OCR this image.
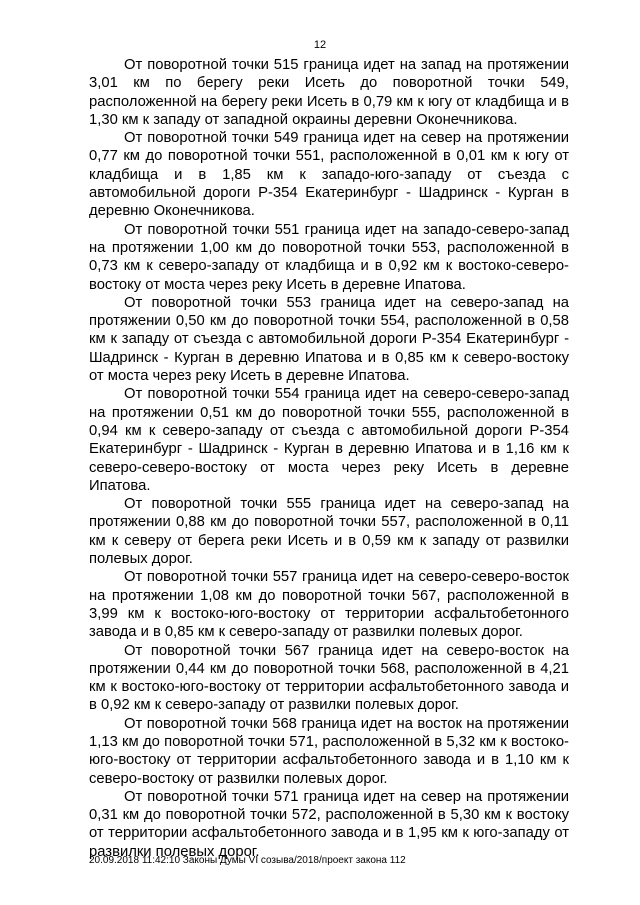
12

От поворотной точки 515 граница идет на запад на протяжении 3,01 км по берегу реки Исеть до поворотной точки 549, расположенной на берегу реки Исеть в 0,79 км к югу от кладбища и в 1,30 км к западу от западной окраины деревни Оконечникова.

От поворотной точки 549 граница идет на север на протяжении 0,77 км до поворотной точки 551, расположенной в 0,01 км к югу от кладбища и в 1,85 км к западо-юго-западу от съезда с автомобильной дороги Р-354 Екатеринбург - Шадринск - Курган в деревню Оконечникова.

От поворотной точки 551 граница идет на западо-северо-запад на протяжении 1,00 км до поворотной точки 553, расположенной в 0,73 км к северо-западу от кладбища и в 0,92 км к востоко-северо-востоку от моста через реку Исеть в деревне Ипатова.

От поворотной точки 553 граница идет на северо-запад на протяжении 0,50 км до поворотной точки 554, расположенной в 0,58 км к западу от съезда с автомобильной дороги Р-354 Екатеринбург - Шадринск - Курган в деревню Ипатова и в 0,85 км к северо-востоку от моста через реку Исеть в деревне Ипатова.

От поворотной точки 554 граница идет на северо-северо-запад на протяжении 0,51 км до поворотной точки 555, расположенной в 0,94 км к северо-западу от съезда с автомобильной дороги Р-354 Екатеринбург - Шадринск - Курган в деревню Ипатова и в 1,16 км к северо-северо-востоку от моста через реку Исеть в деревне Ипатова.

От поворотной точки 555 граница идет на северо-запад на протяжении 0,88 км до поворотной точки 557, расположенной в 0,11 км к северу от берега реки Исеть и в 0,59 км к западу от развилки полевых дорог.

От поворотной точки 557 граница идет на северо-северо-восток на протяжении 1,08 км до поворотной точки 567, расположенной в 3,99 км к востоко-юго-востоку от территории асфальтобетонного завода и в 0,85 км к северо-западу от развилки полевых дорог.

От поворотной точки 567 граница идет на северо-восток на протяжении 0,44 км до поворотной точки 568, расположенной в 4,21 км к востоко-юго-востоку от территории асфальтобетонного завода и в 0,92 км к северо-западу от развилки полевых дорог.

От поворотной точки 568 граница идет на восток на протяжении 1,13 км до поворотной точки 571, расположенной в 5,32 км к востоко-юго-востоку от территории асфальтобетонного завода и в 1,10 км к северо-востоку от развилки полевых дорог.

От поворотной точки 571 граница идет на север на протяжении 0,31 км до поворотной точки 572, расположенной в 5,30 км к востоку от территории асфальтобетонного завода и в 1,95 км к юго-западу от развилки полевых дорог.

20.09.2018 11:42:10 Законы Думы VI созыва/2018/проект закона 112
